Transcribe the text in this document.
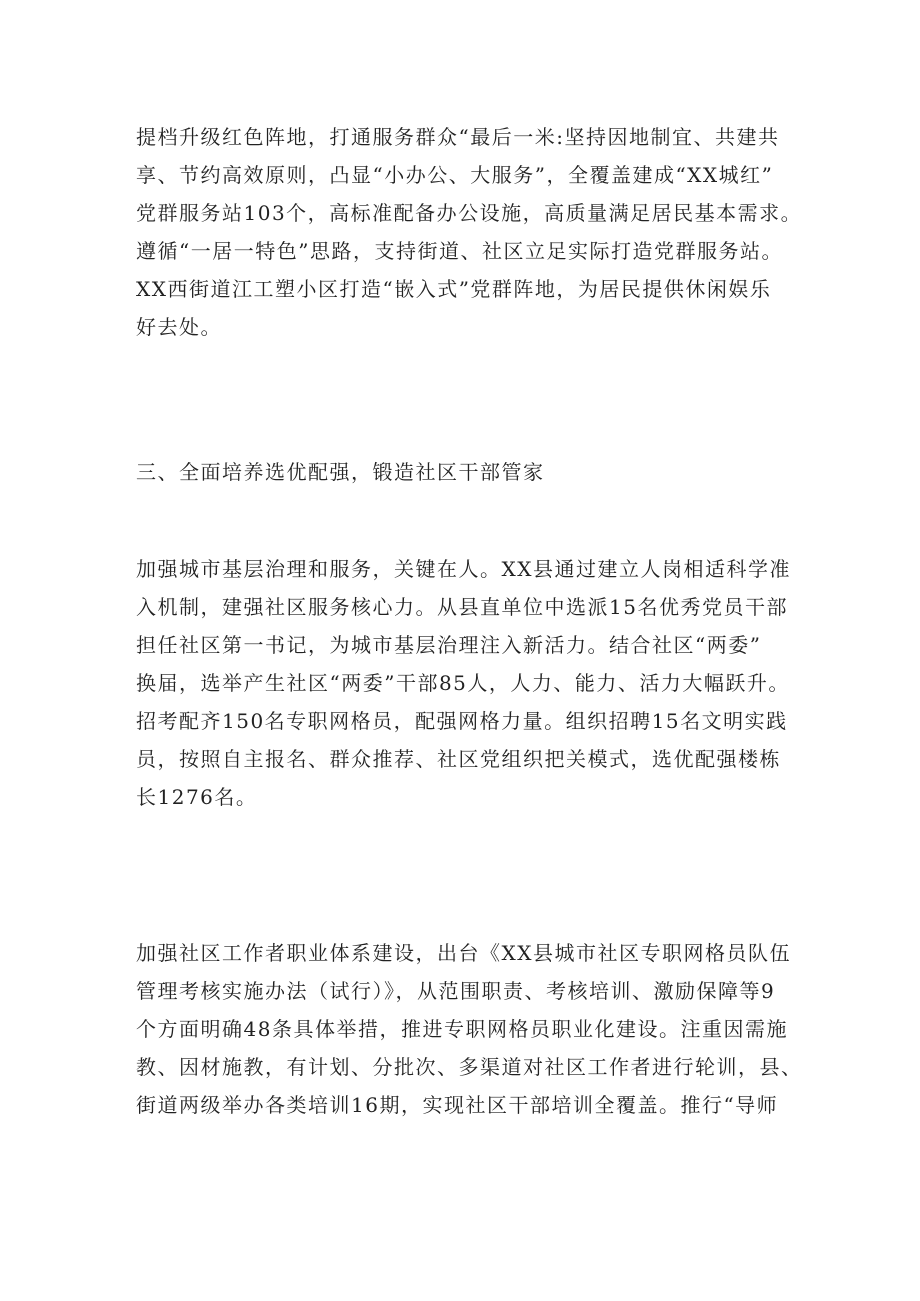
提档升级红色阵地，打通服务群众“最后一米:坚持因地制宜、共建共
享、节约高效原则，凸显“小办公、大服务”，全覆盖建成“XX城红”
党群服务站103个，高标准配备办公设施，高质量满足居民基本需求。
遵循“一居一特色”思路，支持街道、社区立足实际打造党群服务站。
XX西街道江工塑小区打造“嵌入式”党群阵地，为居民提供休闲娱乐
好去处。
三、全面培养选优配强，锻造社区干部管家
加强城市基层治理和服务，关键在人。XX县通过建立人岗相适科学准
入机制，建强社区服务核心力。从县直单位中选派15名优秀党员干部
担任社区第一书记，为城市基层治理注入新活力。结合社区“两委”
换届，选举产生社区“两委”干部85人，人力、能力、活力大幅跃升。
招考配齐150名专职网格员，配强网格力量。组织招聘15名文明实践
员，按照自主报名、群众推荐、社区党组织把关模式，选优配强楼栋
长1276名。
加强社区工作者职业体系建设，出台《XX县城市社区专职网格员队伍
管理考核实施办法（试行）》，从范围职责、考核培训、激励保障等9
个方面明确48条具体举措，推进专职网格员职业化建设。注重因需施
教、因材施教，有计划、分批次、多渠道对社区工作者进行轮训，县、
街道两级举办各类培训16期，实现社区干部培训全覆盖。推行“导师
